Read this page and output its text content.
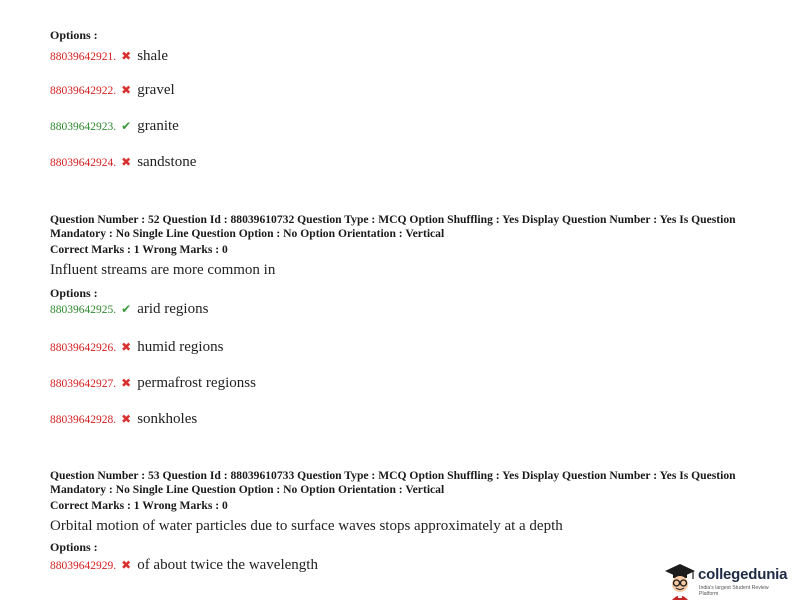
Options :
88039642921. ✖ shale
88039642922. ✖ gravel
88039642923. ✔ granite
88039642924. ✖ sandstone
Question Number : 52 Question Id : 88039610732 Question Type : MCQ Option Shuffling : Yes Display Question Number : Yes Is Question Mandatory : No Single Line Question Option : No Option Orientation : Vertical
Correct Marks : 1 Wrong Marks : 0
Influent streams are more common in
Options :
88039642925. ✔ arid regions
88039642926. ✖ humid regions
88039642927. ✖ permafrost regionss
88039642928. ✖ sonkholes
Question Number : 53 Question Id : 88039610733 Question Type : MCQ Option Shuffling : Yes Display Question Number : Yes Is Question Mandatory : No Single Line Question Option : No Option Orientation : Vertical
Correct Marks : 1 Wrong Marks : 0
Orbital motion of water particles due to surface waves stops approximately at a depth
Options :
88039642929. ✖ of about twice the wavelength
collegedunia
India's largest Student Review Platform
